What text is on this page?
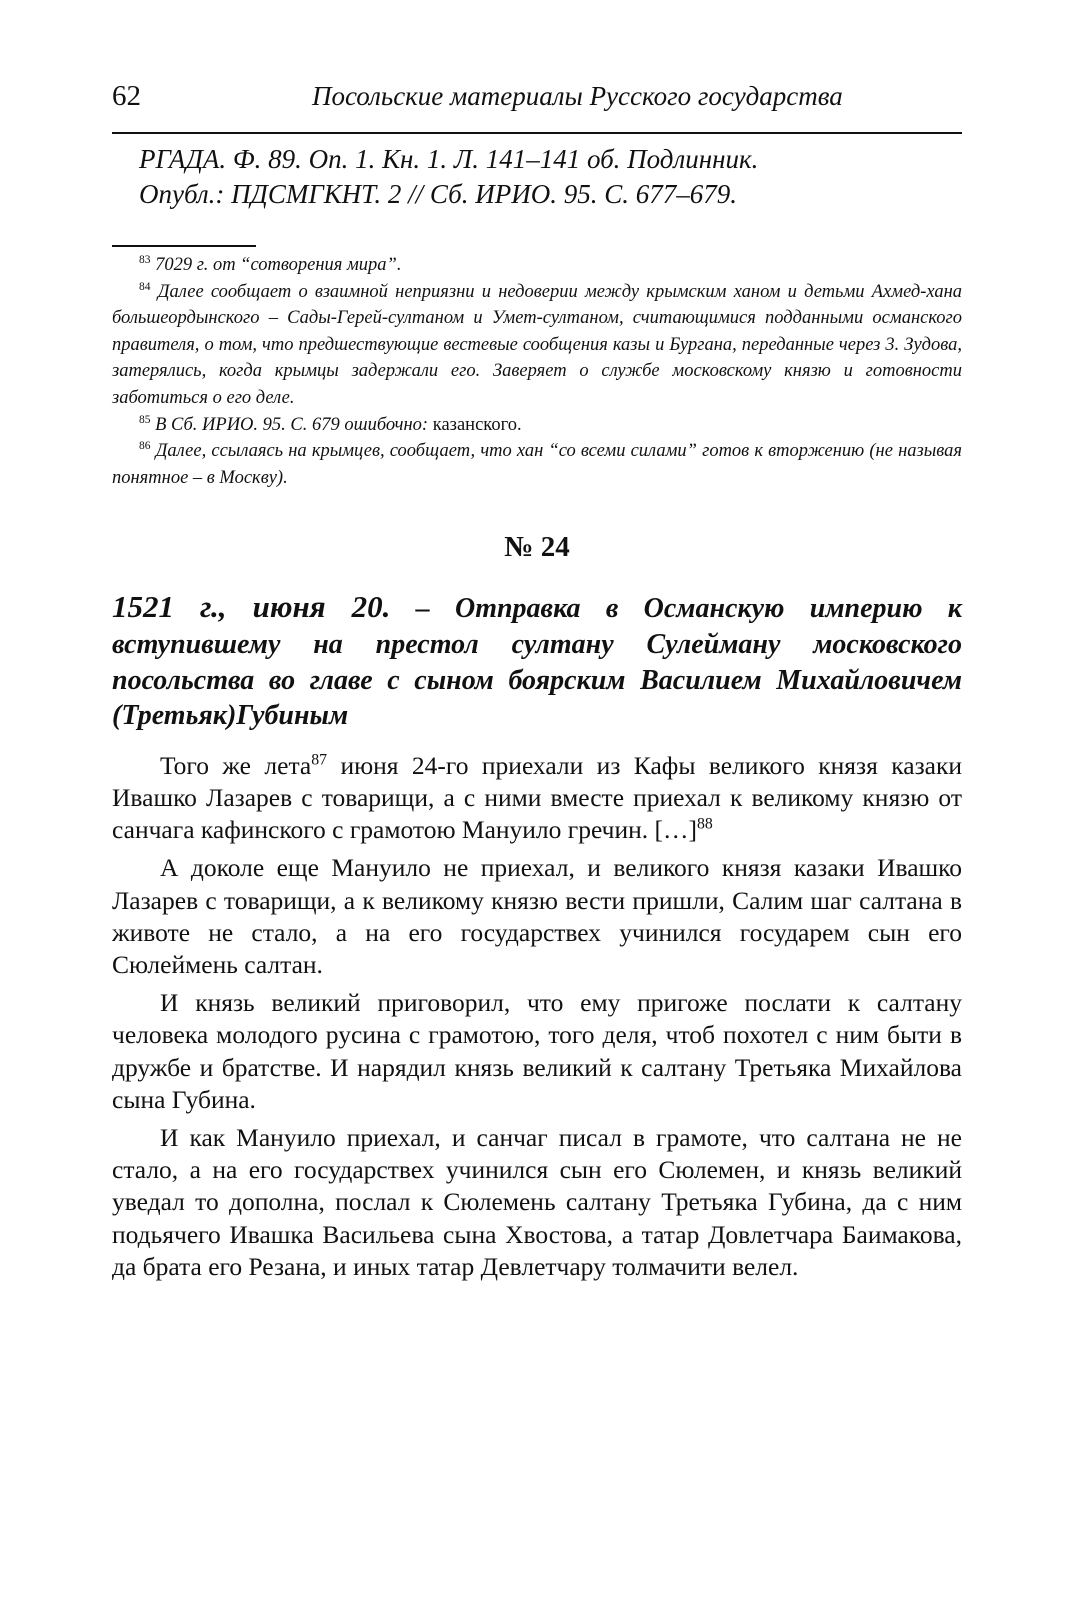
62	Посольские материалы Русского государства
РГАДА. Ф. 89. Оп. 1. Кн. 1. Л. 141–141 об. Подлинник.
Опубл.: ПДСМГКНТ. 2 // Сб. ИРИО. 95. С. 677–679.
$^{83}$ 7029 г. от “сотворения мира”.
$^{84}$ Далее сообщает о взаимной неприязни и недоверии между крымским ханом и детьми Ахмед-хана большеордынского – Сады-Герей-султаном и Умет-султаном, считающимися подданными османского правителя, о том, что предшествующие вестевые сообщения казы и Бургана, переданные через 3. Зудова, затерялись, когда крымцы задержали его. Заверяет о службе московскому князю и готовности заботиться о его деле.
$^{85}$ В Сб. ИРИО. 95. С. 679 ошибочно: казанского.
$^{86}$ Далее, ссылаясь на крымцев, сообщает, что хан “со всеми силами” готов к вторжению (не называя понятное – в Москву).
№ 24
1521 г., июня 20. – Отправка в Османскую империю к вступившему на престол султану Сулейману московского посольства во главе с сыном боярским Василием Михайловичем (Третьяк)Губиным

Того же лета$^{87}$ июня 24-го приехали из Кафы великого князя казаки Ивашко Лазарев с товарищи, а с ними вместе приехал к великому князю от санчага кафинского с грамотою Мануило гречин. […]$^{88}$

А доколе еще Мануило не приехал, и великого князя казаки Ивашко Лазарев с товарищи, а к великому князю вести пришли, Салим шаг салтана в животе не стало, а на его государствех учинился государем сын его Сюлеймень салтан.

И князь великий приговорил, что ему пригоже послати к салтану человека молодого русина с грамотою, того деля, чтоб похотел с ним быти в дружбе и братстве. И нарядил князь великий к салтану Третьяка Михайлова сына Губина.

И как Мануило приехал, и санчаг писал в грамоте, что салтана не не стало, а на его государствех учинился сын его Сюлемен, и князь великий уведал то дополна, послал к Сюлемень салтану Третьяка Губина, да с ним подьячего Ивашка Васильева сына Хвостова, а татар Довлетчара Баимакова, да брата его Резана, и иных татар Девлетчару толмачити велел.
